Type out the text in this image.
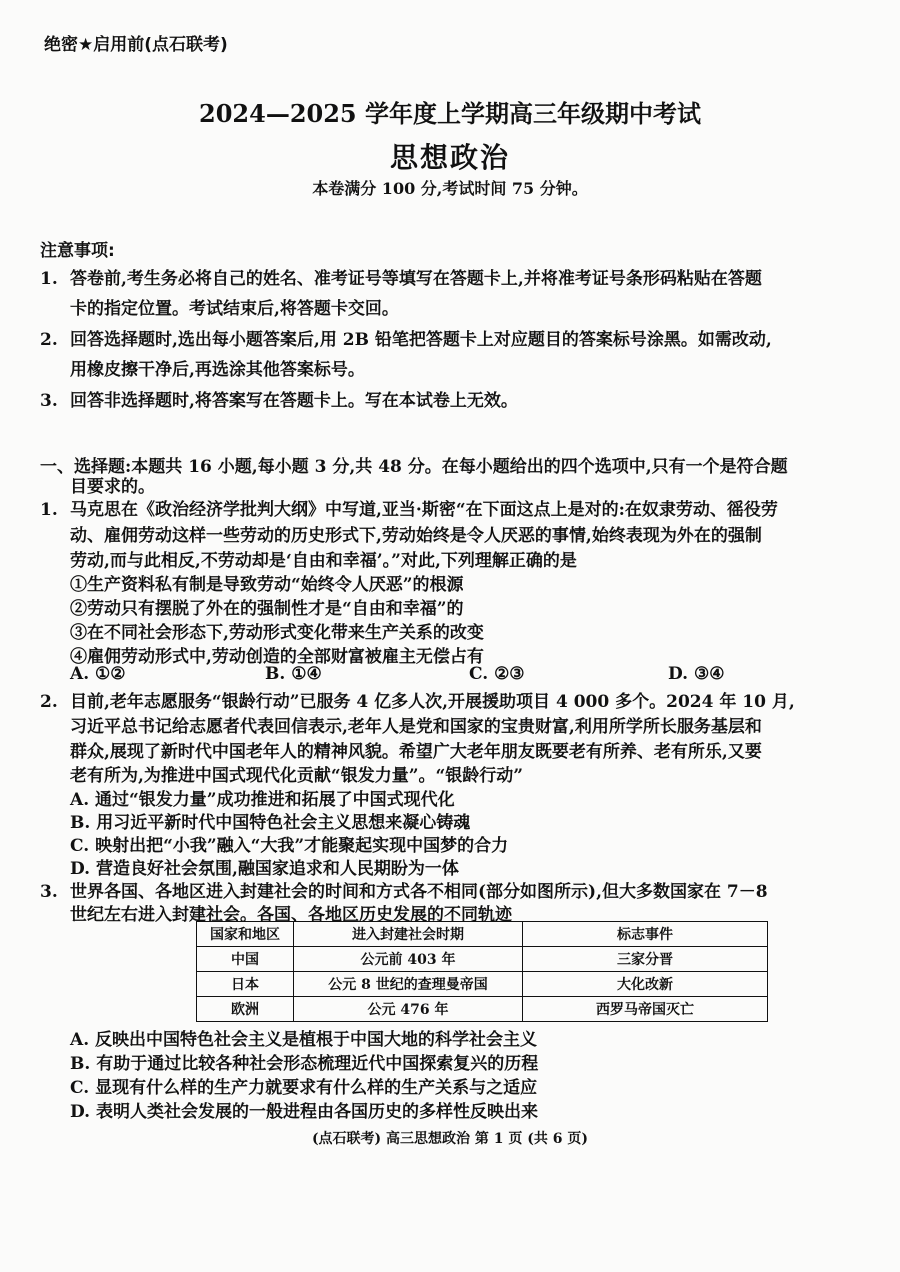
绝密★启用前(点石联考)
2024—2025 学年度上学期高三年级期中考试
思想政治
本卷满分 100 分,考试时间 75 分钟。
注意事项:
1. 答卷前,考生务必将自己的姓名、准考证号等填写在答题卡上,并将准考证号条形码粘贴在答题
卡的指定位置。考试结束后,将答题卡交回。
2. 回答选择题时,选出每小题答案后,用 2B 铅笔把答题卡上对应题目的答案标号涂黑。如需改动,
用橡皮擦干净后,再选涂其他答案标号。
3. 回答非选择题时,将答案写在答题卡上。写在本试卷上无效。
一、选择题:本题共 16 小题,每小题 3 分,共 48 分。在每小题给出的四个选项中,只有一个是符合题
目要求的。
1. 马克思在《政治经济学批判大纲》中写道,亚当·斯密“在下面这点上是对的:在奴隶劳动、徭役劳
动、雇佣劳动这样一些劳动的历史形式下,劳动始终是令人厌恶的事情,始终表现为外在的强制
劳动,而与此相反,不劳动却是‘自由和幸福’。”对此,下列理解正确的是
①生产资料私有制是导致劳动“始终令人厌恶”的根源
②劳动只有摆脱了外在的强制性才是“自由和幸福”的
③在不同社会形态下,劳动形式变化带来生产关系的改变
④雇佣劳动形式中,劳动创造的全部财富被雇主无偿占有
A. ①②	B. ①④	C. ②③	D. ③④
2. 目前,老年志愿服务“银龄行动”已服务 4 亿多人次,开展援助项目 4 000 多个。2024 年 10 月,
习近平总书记给志愿者代表回信表示,老年人是党和国家的宝贵财富,利用所学所长服务基层和
群众,展现了新时代中国老年人的精神风貌。希望广大老年朋友既要老有所养、老有所乐,又要
老有所为,为推进中国式现代化贡献“银发力量”。“银龄行动”
A. 通过“银发力量”成功推进和拓展了中国式现代化
B. 用习近平新时代中国特色社会主义思想来凝心铸魂
C. 映射出把“小我”融入“大我”才能聚起实现中国梦的合力
D. 营造良好社会氛围,融国家追求和人民期盼为一体
3. 世界各国、各地区进入封建社会的时间和方式各不相同(部分如图所示),但大多数国家在 7－8
世纪左右进入封建社会。各国、各地区历史发展的不同轨迹
国家和地区	进入封建社会时期	标志事件
中国	公元前 403 年	三家分晋
日本	公元 8 世纪的查理曼帝国	大化改新
欧洲	公元 476 年	西罗马帝国灭亡
A. 反映出中国特色社会主义是植根于中国大地的科学社会主义
B. 有助于通过比较各种社会形态梳理近代中国探索复兴的历程
C. 显现有什么样的生产力就要求有什么样的生产关系与之适应
D. 表明人类社会发展的一般进程由各国历史的多样性反映出来
(点石联考) 高三思想政治 第 1 页 (共 6 页)
